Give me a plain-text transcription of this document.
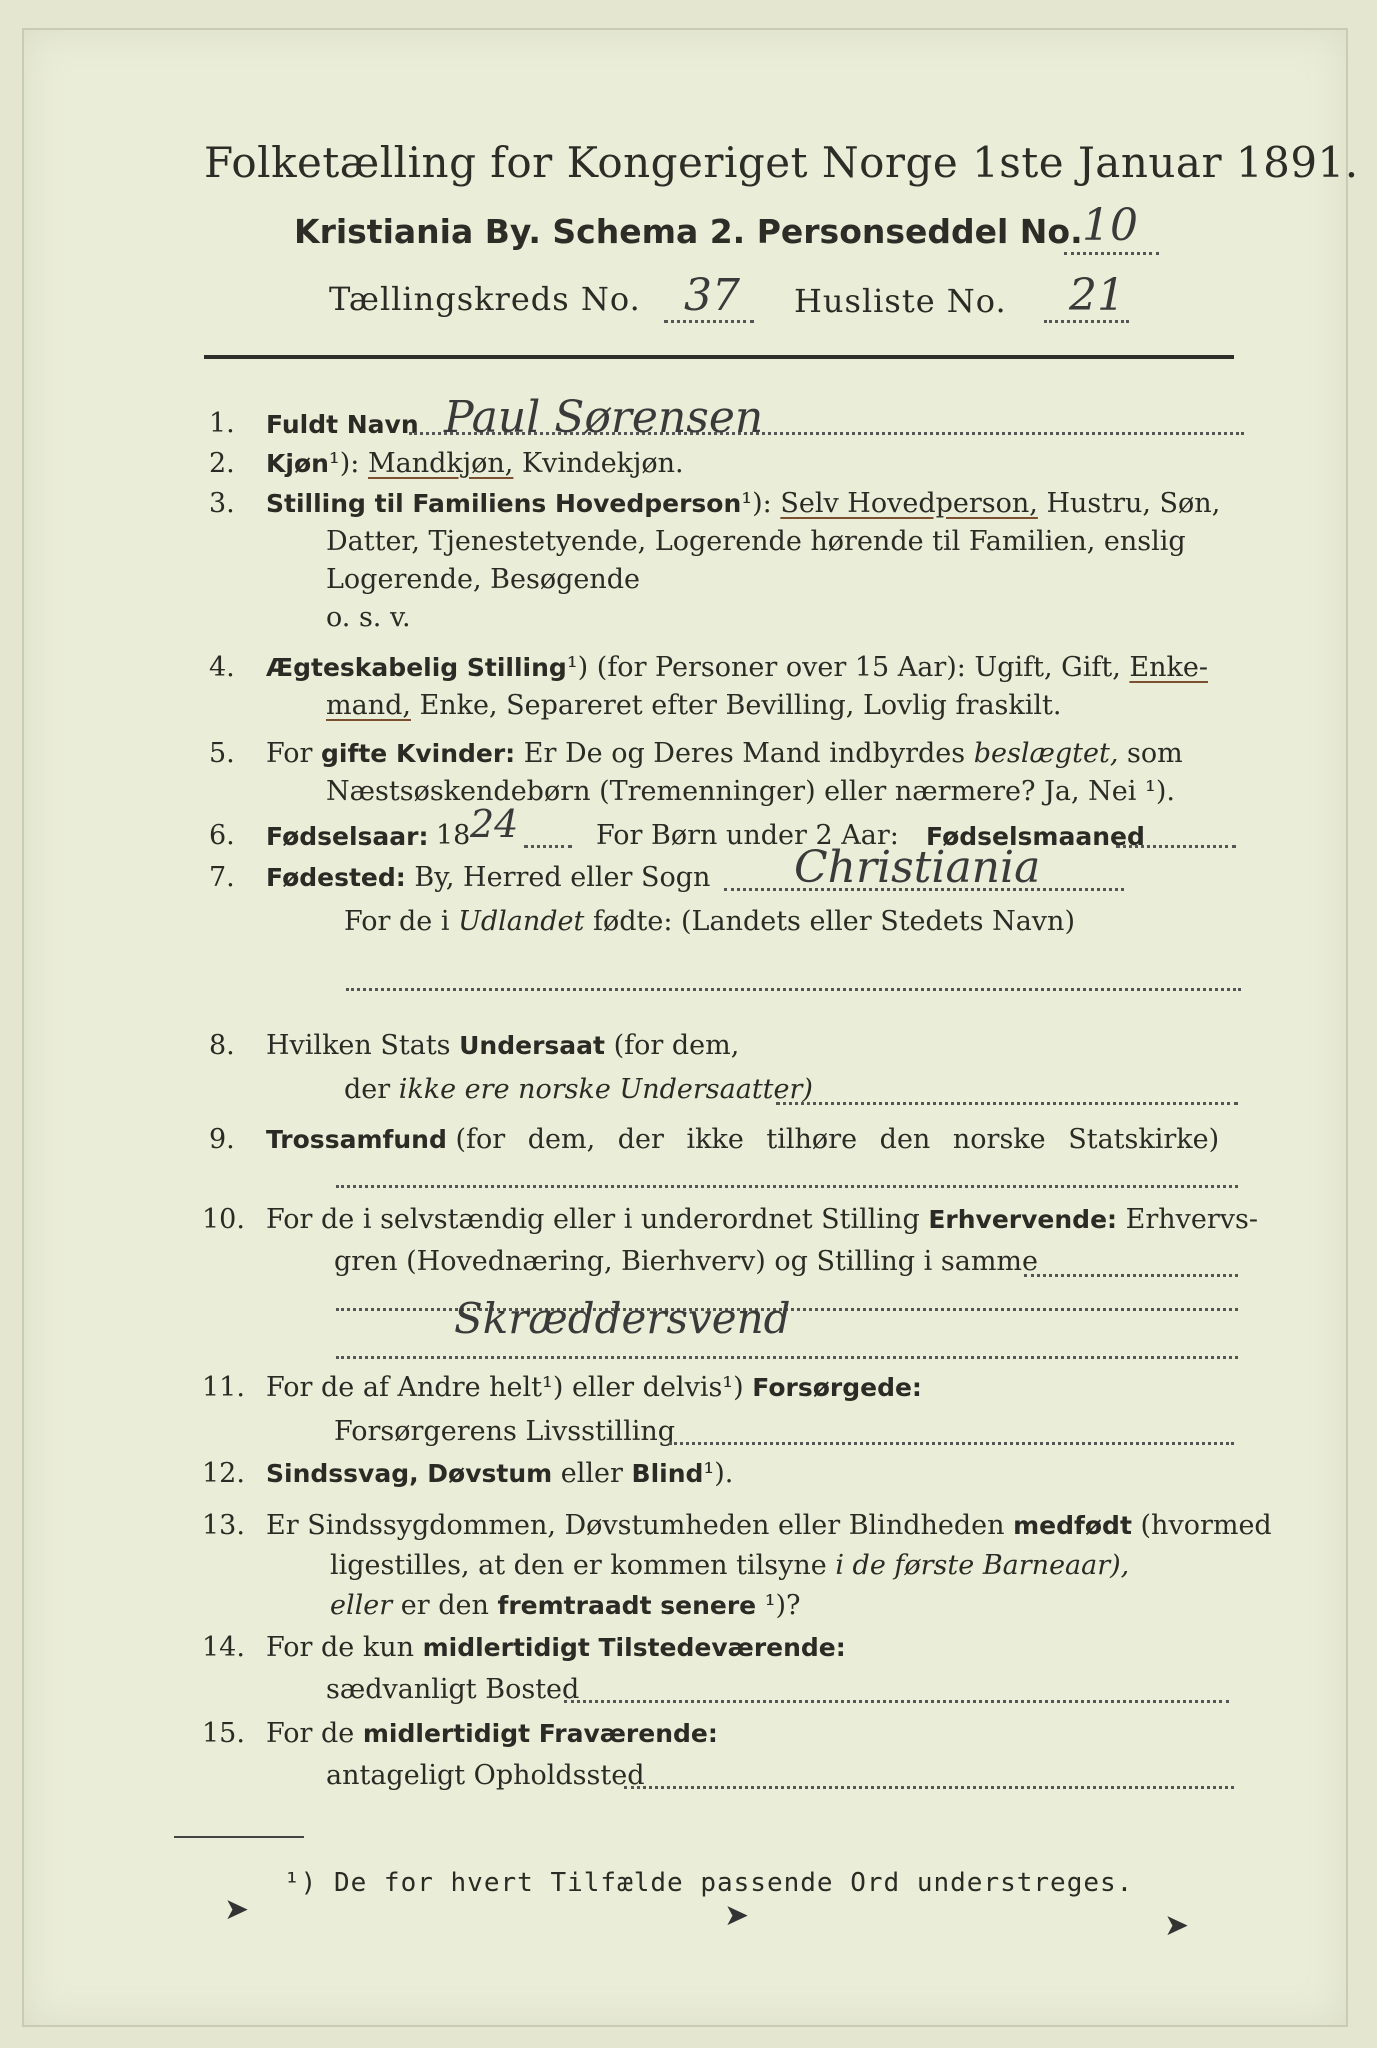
Folketælling for Kongeriget Norge 1ste Januar 1891.
Kristiania By. Schema 2. Personseddel No. 10
Tællingskreds No. 37 Husliste No. 21
1. Fuldt Navn Paul Sørensen
2. Kjøn¹): Mandkjøn, Kvindekjøn.
3. Stilling til Familiens Hovedperson¹): Selv Hovedperson, Hustru, Søn,
Datter, Tjenestetyende, Logerende hørende til Familien, enslig
Logerende, Besøgende
o. s. v.
4. Ægteskabelig Stilling¹) (for Personer over 15 Aar): Ugift, Gift, Enke-
mand, Enke, Separeret efter Bevilling, Lovlig fraskilt.
5. For gifte Kvinder: Er De og Deres Mand indbyrdes beslægtet, som
Næstsøskendebørn (Tremenninger) eller nærmere? Ja, Nei ¹).
6. Fødselsaar: 18 24	For Børn under 2 Aar: Fødselsmaaned
7. Fødested: By, Herred eller Sogn Christiania
For de i Udlandet fødte: (Landets eller Stedets Navn)
8. Hvilken Stats Undersaat (for dem,
der ikke ere norske Undersaatter)
9. Trossamfund (for dem, der ikke tilhøre den norske Statskirke)
10. For de i selvstændig eller i underordnet Stilling Erhvervende: Erhvervs-
gren (Hovednæring, Bierhverv) og Stilling i samme
Skræddersvend
11. For de af Andre helt¹) eller delvis¹) Forsørgede:
Forsørgerens Livsstilling
12. Sindssvag, Døvstum eller Blind¹).
13. Er Sindssygdommen, Døvstumheden eller Blindheden medfødt (hvormed
ligestilles, at den er kommen tilsyne i de første Barneaar),
eller er den fremtraadt senere ¹)?
14. For de kun midlertidigt Tilstedeværende:
sædvanligt Bosted
15. For de midlertidigt Fraværende:
antageligt Opholdssted
¹) De for hvert Tilfælde passende Ord understreges.
➤	➤	➤
